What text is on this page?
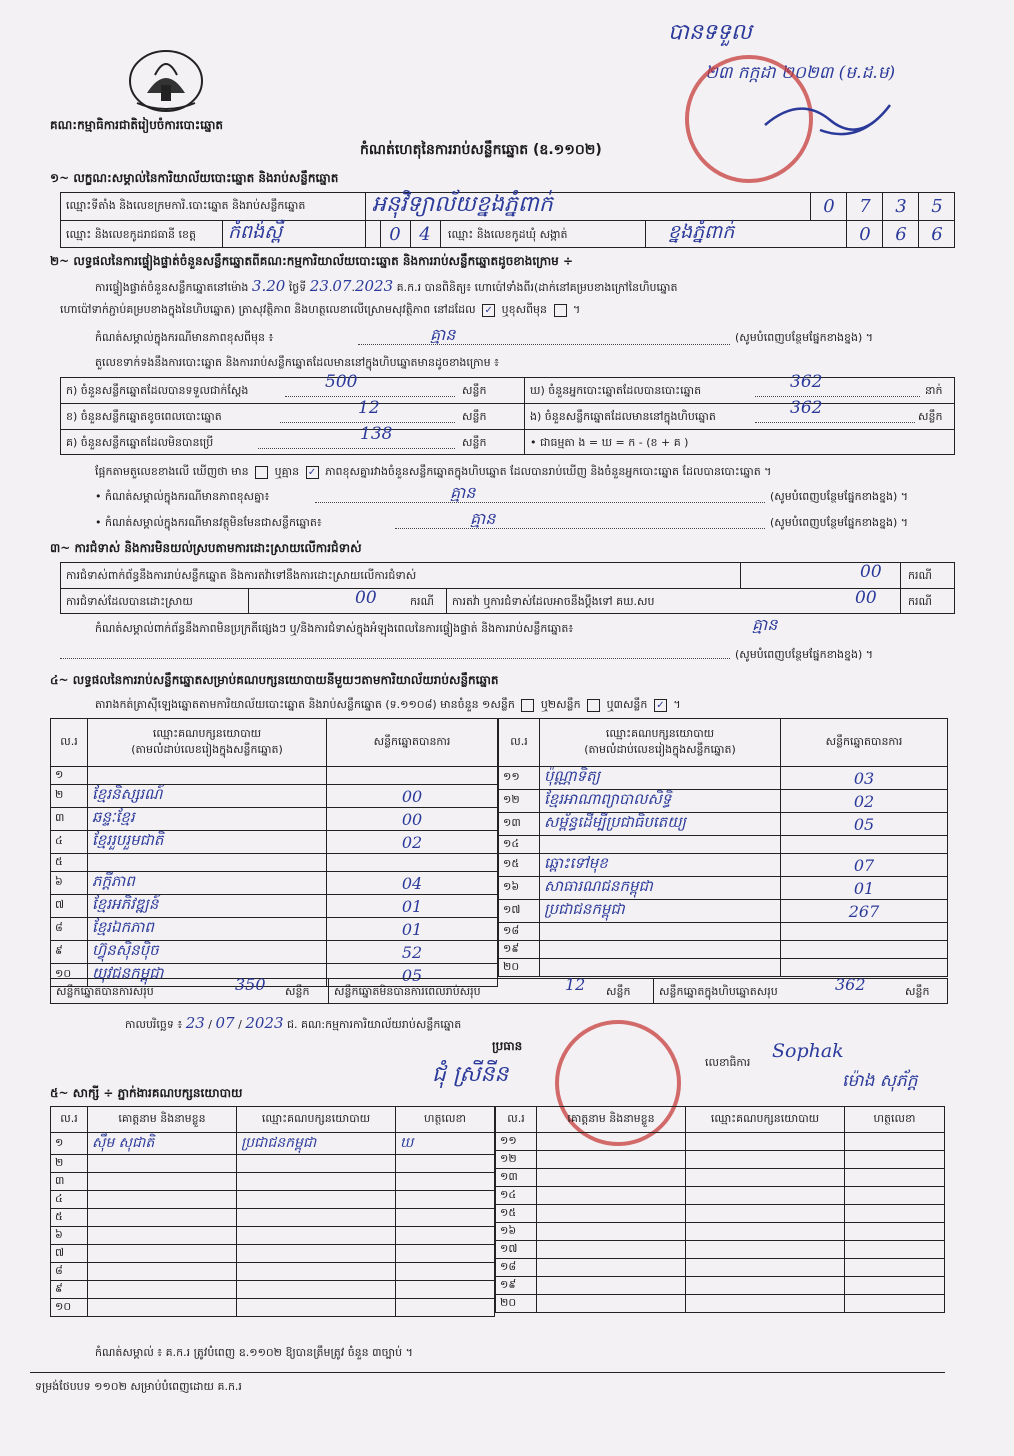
គណ:កម្មាធិការជាតិរៀបចំការបោះឆ្នោត
កំណត់ហេតុនៃការរាប់សន្លឹកឆ្នោត (ឧ.១១០២)
បានទទួល
២៣ កក្កដា ២០២៣ (ម.ដ.ម)
១~ លក្ខណ:សម្គាល់នៃការិយាល័យបោះឆ្នោត និងរាប់សន្លឹកឆ្នោត
ឈ្មោះទីតាំង និងលេខក្រមការិ.បោះឆ្នោត និងរាប់សន្លឹកឆ្នោត	អនុវិទ្យាល័យខ្នងភ្នំពាក់	0	7	3	5
ឈ្មោះ និងលេខកូដរាជធានី ខេត្ត កំពង់ស្ពឺ	0	4	ឈ្មោះ និងលេខកូដឃុំ សង្កាត់	ខ្នងភ្នំពាក់	0	6	6
២~ លទ្ធផលនៃការផ្ទៀងផ្ទាត់ចំនួនសន្លឹកឆ្នោតពីគណ:កម្មការិយាល័យបោះឆ្នោត និងការរាប់សន្លឹកឆ្នោតដូចខាងក្រោម ÷
ការផ្ទៀងផ្ទាត់ចំនួនសន្លឹកឆ្នោតនៅម៉ោង 3.20 ថ្ងៃទី 23.07.2023 គ.ក.រ បានពិនិត្យ៖ ហោប៉ៅទាំងពីរ(ដាក់នៅគម្របខាងក្រៅនៃហិបឆ្នោត
ហោប៉ៅទាក់ភ្ជាប់គម្របខាងក្នុងនៃហិបឆ្នោត) ត្រាសុវត្ថិភាព និងហត្ថលេខាលើស្រោមសុវត្ថិភាព នៅដដែល ✓ ឬខុសពីមុន  ។
កំណត់សម្គាល់ក្នុងករណីមានភាពខុសពីមុន ៖	គ្មាន	(សូមបំពេញបន្ថែមផ្នែកខាងខ្នង) ។
តួលេខទាក់ទងនឹងការបោះឆ្នោត និងការរាប់សន្លឹកឆ្នោតដែលមាននៅក្នុងហិបឆ្នោតមានដូចខាងក្រោម ៖
ក) ចំនួនសន្លឹកឆ្នោតដែលបានទទួលជាក់ស្តែង	500	សន្លឹក
ខ) ចំនួនសន្លឹកឆ្នោតខូចពេលបោះឆ្នោត	12	សន្លឹក
គ) ចំនួនសន្លឹកឆ្នោតដែលមិនបានប្រើ	138	សន្លឹក
ឃ) ចំនួនអ្នកបោះឆ្នោតដែលបានបោះឆ្នោត	362	នាក់
ង) ចំនួនសន្លឹកឆ្នោតដែលមាននៅក្នុងហិបឆ្នោត	362	សន្លឹក
• ជាធម្មតា ង = ឃ = ក - (ខ + គ )
ផ្អែកតាមតួលេខខាងលើ ឃើញថា មាន ឬគ្មាន ✓ ភាពខុសគ្នារវាងចំនួនសន្លឹកឆ្នោតក្នុងហិបឆ្នោត ដែលបានរាប់ឃើញ និងចំនួនអ្នកបោះឆ្នោត ដែលបានបោះឆ្នោត ។
• កំណត់សម្គាល់ក្នុងករណីមានភាពខុសគ្នា៖	គ្មាន	(សូមបំពេញបន្ថែមផ្នែកខាងខ្នង) ។
• កំណត់សម្គាល់ក្នុងករណីមានវត្ថុមិនមែនជាសន្លឹកឆ្នោត៖	គ្មាន	(សូមបំពេញបន្ថែមផ្នែកខាងខ្នង) ។
៣~ ការជំទាស់ និងការមិនយល់ស្របតាមការដោះស្រាយលើការជំទាស់
ការជំទាស់ពាក់ព័ន្ធនឹងការរាប់សន្លឹកឆ្នោត និងការតវ៉ាទៅនឹងការដោះស្រាយលើការជំទាស់	00 ករណី
ការជំទាស់ដែលបានដោះស្រាយ	00	ករណី ការតវ៉ា ឬការជំទាស់ដែលអាចនឹងប្តឹងទៅ គឃ.សប	00	ករណី
កំណត់សម្គាល់ពាក់ព័ន្ធនឹងភាពមិនប្រក្រតីផ្សេងៗ ឬ/និងការជំទាស់ក្នុងអំឡុងពេលនៃការផ្ទៀងផ្ទាត់ និងការរាប់សន្លឹកឆ្នោត៖	គ្មាន
(សូមបំពេញបន្ថែមផ្នែកខាងខ្នង) ។
៤~ លទ្ធផលនៃការរាប់សន្លឹកឆ្នោតសម្រាប់គណបក្សនយោបាយនីមួយៗតាមការិយាល័យរាប់សន្លឹកឆ្នោត
តារាងកត់ត្រាស៊ីឡេងឆ្នោតតាមការិយាល័យបោះឆ្នោត និងរាប់សន្លឹកឆ្នោត (ទ.១១០៨) មានចំនួន ១សន្លឹក ឬ២សន្លឹក ឬ៣សន្លឹក ✓ ។
ល.រ	ឈ្មោះគណបក្សនយោបាយ
(តាមលំដាប់លេខរៀងក្នុងសន្លឹកឆ្នោត)	សន្លឹកឆ្នោតបានការ
១		
២	ខ្មែរនិស្សរណ៍	00
៣	ឆន្ទៈខ្មែរ	00
៤	ខ្មែររួបរួមជាតិ	02
៥		
៦	ភក្តីភាព	04
៧	ខ្មែរអភិវឌ្ឍន៍	01
៨	ខ្មែរឯកភាព	01
៩	ហ៊្វុនស៊ិនប៉ិច	52
១០	យុវជនកម្ពុជា	05
ល.រ	ឈ្មោះគណបក្សនយោបាយ
(តាមលំដាប់លេខរៀងក្នុងសន្លឹកឆ្នោត)	សន្លឹកឆ្នោតបានការ
១១	ប៉ុណ្ណាទិត្យ	03
១២	ខ្មែរអាណាព្យាបាលសិទ្ធិ	02
១៣	សម្ព័ន្ធដើម្បីប្រជាធិបតេយ្យ	05
១៤		
១៥	ឆ្ពោះទៅមុខ	07
១៦	សាធារណជនកម្ពុជា	01
១៧	ប្រជាជនកម្ពុជា	267
១៨		
១៩		
២០		
សន្លឹកឆ្នោតបានការសរុប	350 សន្លឹក សន្លឹកឆ្នោតមិនបានការពេលរាប់សរុប	12 សន្លឹក	សន្លឹកឆ្នោតក្នុងហិបឆ្នោតសរុប	362	សន្លឹក
កាលបរិច្ឆេទ ៖ 23 / 07 / 2023 ជ. គណ:កម្មការការិយាល័យរាប់សន្លឹកឆ្នោត
ប្រធាន
ជុំ ស្រីនីន	លេខាធិការ
Sophak
ម៉ោង សុភ័ក្ត
៥~ សាក្សី ÷ ភ្នាក់ងារគណបក្សនយោបាយ
ល.រ	គោត្តនាម និងនាមខ្លួន	ឈ្មោះគណបក្សនយោបាយ	ហត្ថលេខា
១	ស៊ឹម សុជាតិ	ប្រជាជនកម្ពុជា	ឃ
២			
៣			
៤			
៥			
៦			
៧			
៨			
៩			
១០			
ល.រ	គោត្តនាម និងនាមខ្លួន	ឈ្មោះគណបក្សនយោបាយ	ហត្ថលេខា
១១			
១២			
១៣			
១៤			
១៥			
១៦			
១៧			
១៨			
១៩			
២០			
កំណត់សម្គាល់ ៖ គ.ក.រ ត្រូវបំពេញ ឧ.១១០២ ឱ្យបានត្រឹមត្រូវ ចំនួន ៣ច្បាប់ ។
ទម្រង់ថែបបទ ១១០២ សម្រាប់បំពេញដោយ គ.ក.រ
